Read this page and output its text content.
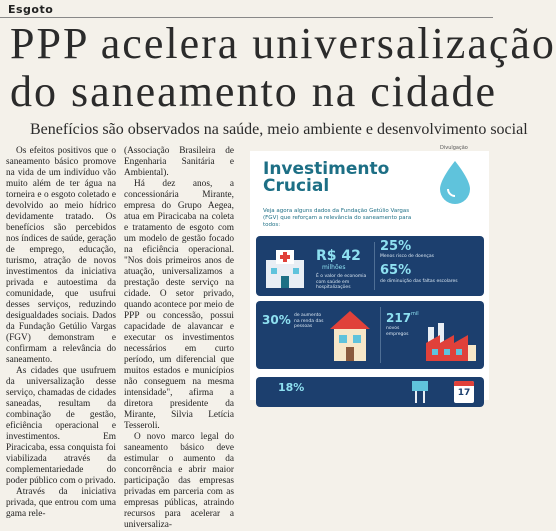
Esgoto
PPP acelera universalização
do saneamento na cidade
Benefícios são observados na saúde, meio ambiente e desenvolvimento social

Os efeitos positivos que o saneamento básico promove na vida de um indivíduo vão muito além de ter água na torneira e o esgoto coletado e devolvido ao meio hídrico devidamente tratado. Os benefícios são percebidos nos índices de saúde, geração de emprego, educação, turismo, atração de novos investimentos da iniciativa privada e autoestima da comunidade, que usufrui desses serviços, reduzindo desigualdades sociais. Dados da Fundação Getúlio Vargas (FGV) demonstram e confirmam a relevância do saneamento.

As cidades que usufruem da universalização desse serviço, chamadas de cidades saneadas, resultam da combinação de gestão, eficiência operacional e investimentos. Em Piracicaba, essa conquista foi viabilizada através da complementariedade do poder público com o privado.

Através da iniciativa privada, que entrou com uma gama rele-

(Associação Brasileira de Engenharia Sanitária e Ambiental).

Há dez anos, a concessionária Mirante, empresa do Grupo Aegea, atua em Piracicaba na coleta e tratamento de esgoto com um modelo de gestão focado na eficiência operacional. "Nos dois primeiros anos de atuação, universalizamos a prestação deste serviço na cidade. O setor privado, quando acontece por meio de PPP ou concessão, possui capacidade de alavancar e executar os investimentos necessários em curto período, um diferencial que muitos estados e municípios não conseguem na mesma intensidade", afirma a diretora presidente da Mirante, Silvia Letícia Tesseroli.

O novo marco legal do saneamento básico deve estimular o aumento da concorrência e abrir maior participação das empresas privadas em parceria com as empresas públicas, atraindo recursos para acelerar a universaliza-

Divulgação
Investimento
Crucial
Veja agora alguns dados da Fundação Getúlio Vargas (FGV) que reforçam a relevância do saneamento para todos:
R$ 42
milhões
É o valor de economia com saúde em hospitalizações
25%
Menos risco de doenças
65%
de diminuição das faltas escolares
30% de aumento na renda das pessoas
217 mil
novos empregos
18%	17
